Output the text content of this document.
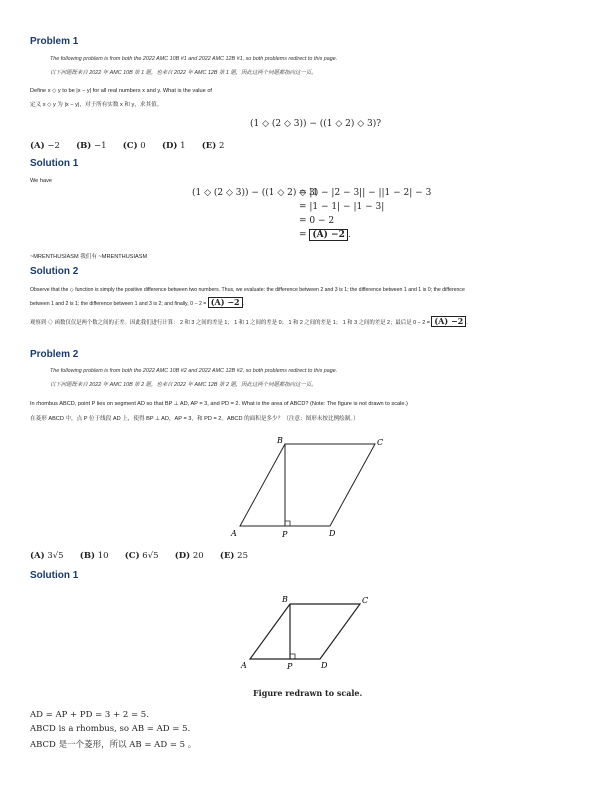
Problem 1
The following problem is from both the 2022 AMC 10B #1 and 2022 AMC 12B #1, so both problems redirect to this page.
以下问题既来自 2022 年 AMC 10B 第 1 题，也来自 2022 年 AMC 12B 第 1 题，因此这两个问题都指向这一页。
Define x ◇ y to be |x − y| for all real numbers x and y. What is the value of
定义 x ◇ y 为 |x − y|，对于所有实数 x 和 y，求其值。
(1 ◇ (2 ◇ 3)) − ((1 ◇ 2) ◇ 3)?
(A) −2 (B) −1 (C) 0 (D) 1 (E) 2
Solution 1
We have
(1 ◇ (2 ◇ 3)) − ((1 ◇ 2) ◇ 3)
= |1 − |2 − 3|| − ||1 − 2| − 3
= |1 − 1| − |1 − 3|
= 0 − 2
= (A) −2 .
~MRENTHUSIASM 我们有 ~MRENTHUSIASM
Solution 2
Observe that the ◇ function is simply the positive difference between two numbers. Thus, we evaluate: the difference between 2 and 3 is 1; the difference between 1 and 1 is 0; the difference
between 1 and 2 is 1; the difference between 1 and 3 is 2; and finally, 0 − 2 = (A) −2 .
观察到 ◇ 函数仅仅是两个数之间的正差。因此我们进行计算： 2 和 3 之间的差是 1； 1 和 1 之间的差是 0； 1 和 2 之间的差是 1； 1 和 3 之间的差是 2；最后是 0 − 2 = (A) −2 .
Problem 2
The following problem is from both the 2022 AMC 10B #2 and 2022 AMC 12B #2, so both problems redirect to this page.
以下问题既来自 2022 年 AMC 10B 第 2 题，也来自 2022 年 AMC 12B 第 2 题，因此这两个问题都指向这一页。
In rhombus ABCD, point P lies on segment AD so that BP ⊥ AD, AP = 3, and PD = 2. What is the area of ABCD? (Note: The figure is not drawn to scale.)
在菱形 ABCD 中，点 P 位于线段 AD 上，使得 BP ⊥ AD，AP = 3，和 PD = 2。ABCD 的面积是多少？（注意：图形未按比例绘制。）
A
B	C
D
P
(A) 3√5 (B) 10 (C) 6√5 (D) 20 (E) 25
Solution 1
A
B	C
D
P
Figure redrawn to scale.
AD = AP + PD = 3 + 2 = 5.
ABCD is a rhombus, so AB = AD = 5.
ABCD 是一个菱形，所以 AB = AD = 5 。
